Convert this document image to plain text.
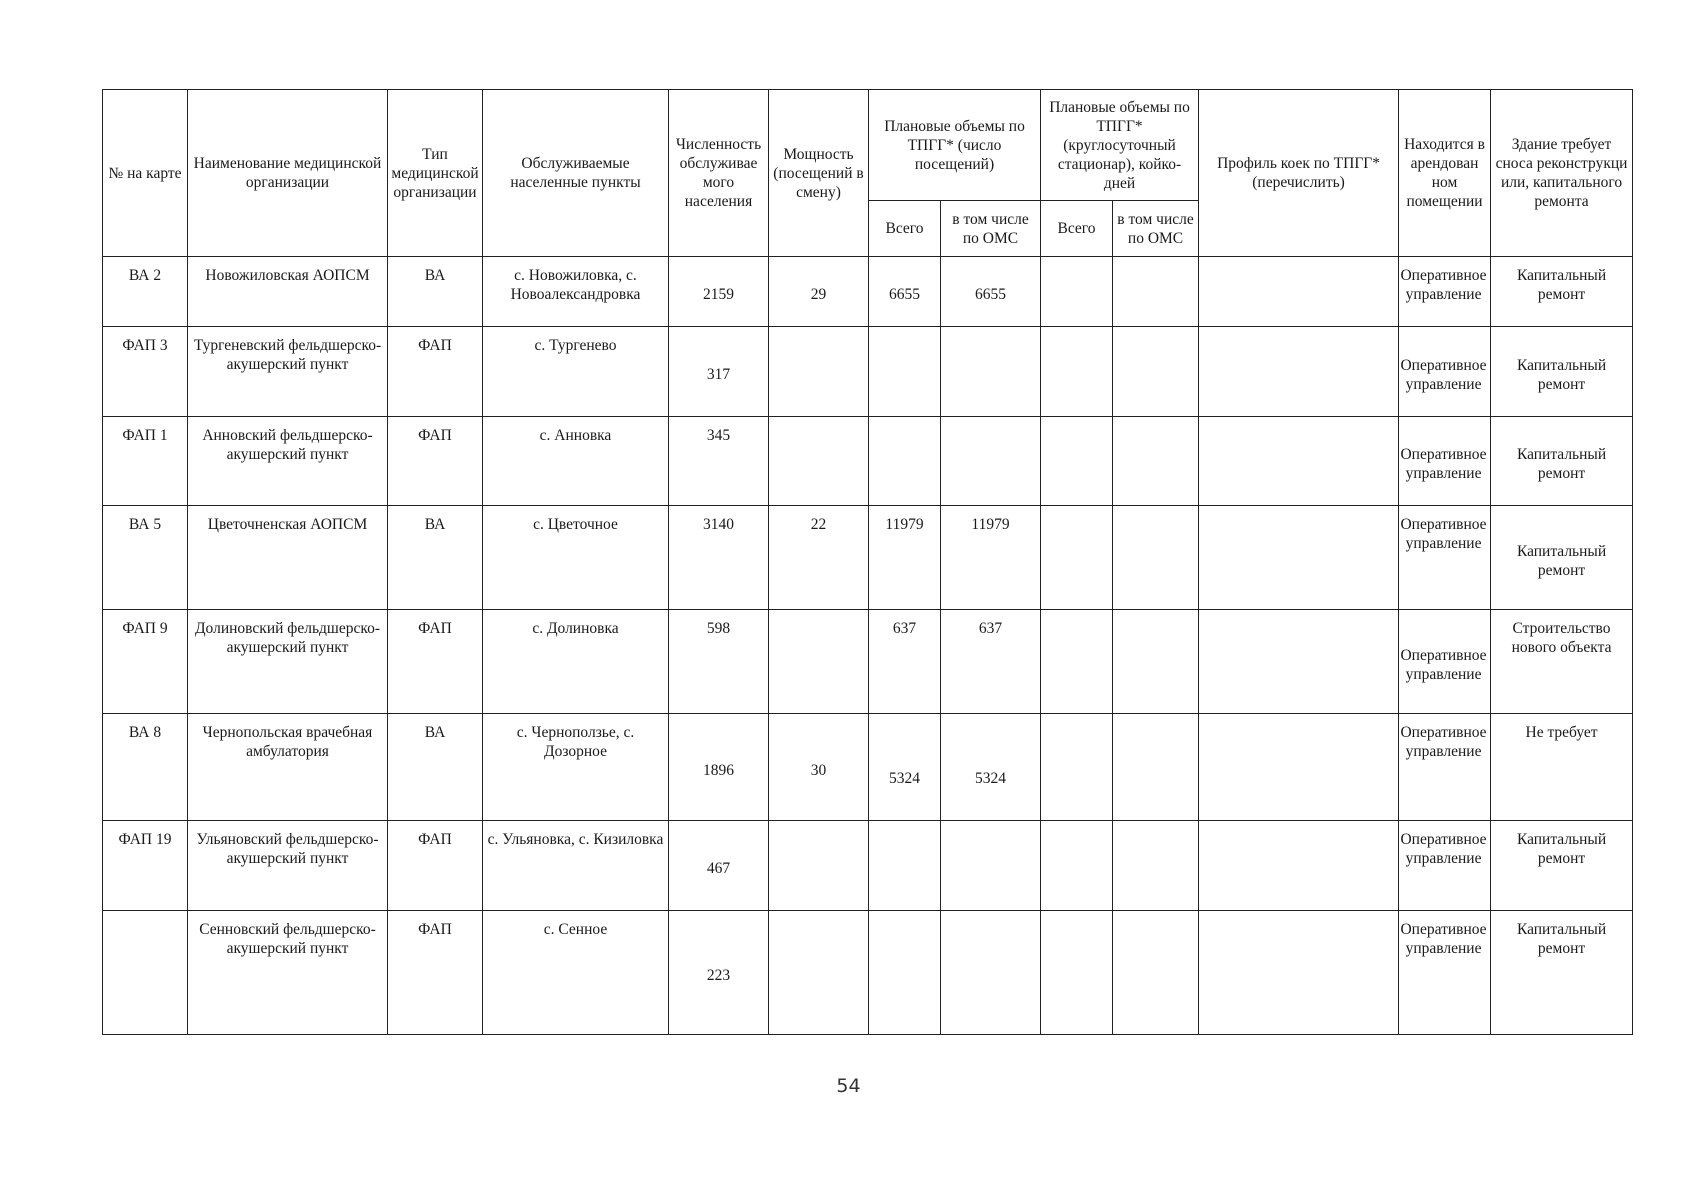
№ на карте	Наименование медицинской организации	Тип медицинской организации	Обслуживаемые населенные пункты	Численность обслуживае мого населения	Мощность (посещений в смену)	Плановые объемы по ТПГГ* (число посещений)		Плановые объемы по ТПГГ* (круглосуточный стационар), койко-дней		Профиль коек по ТПГГ* (перечислить)	Находится в арендован ном помещении	Здание требует сноса реконструкци или, капитального ремонта
						Всего	в том числе по ОМС	Всего	в том числе по ОМС			
ВА 2	Новожиловская АОПСМ	ВА	с. Новожиловка, с. Новоалександровка	2159	29	6655	6655				Оперативное управление	Капитальный ремонт
ФАП 3	Тургеневский фельдшерско-акушерский пункт	ФАП	с. Тургенево	317							Оперативное управление	Капитальный ремонт
ФАП 1	Анновский фельдшерско-акушерский пункт	ФАП	с. Анновка	345							Оперативное управление	Капитальный ремонт
ВА 5	Цветочненская АОПСМ	ВА	с. Цветочное	3140	22	11979	11979				Оперативное управление	Капитальный ремонт
ФАП 9	Долиновский фельдшерско-акушерский пункт	ФАП	с. Долиновка	598		637	637				Оперативное управление	Строительство нового объекта
ВА 8	Чернопольская врачебная амбулатория	ВА	с. Черноползье, с. Дозорное	1896	30	5324	5324				Оперативное управление	Не требует
ФАП 19	Ульяновский фельдшерско-акушерский пункт	ФАП	с. Ульяновка, с. Кизиловка	467							Оперативное управление	Капитальный ремонт
	Сенновский фельдшерско-акушерский пункт	ФАП	с. Сенное	223							Оперативное управление	Капитальный ремонт
54
